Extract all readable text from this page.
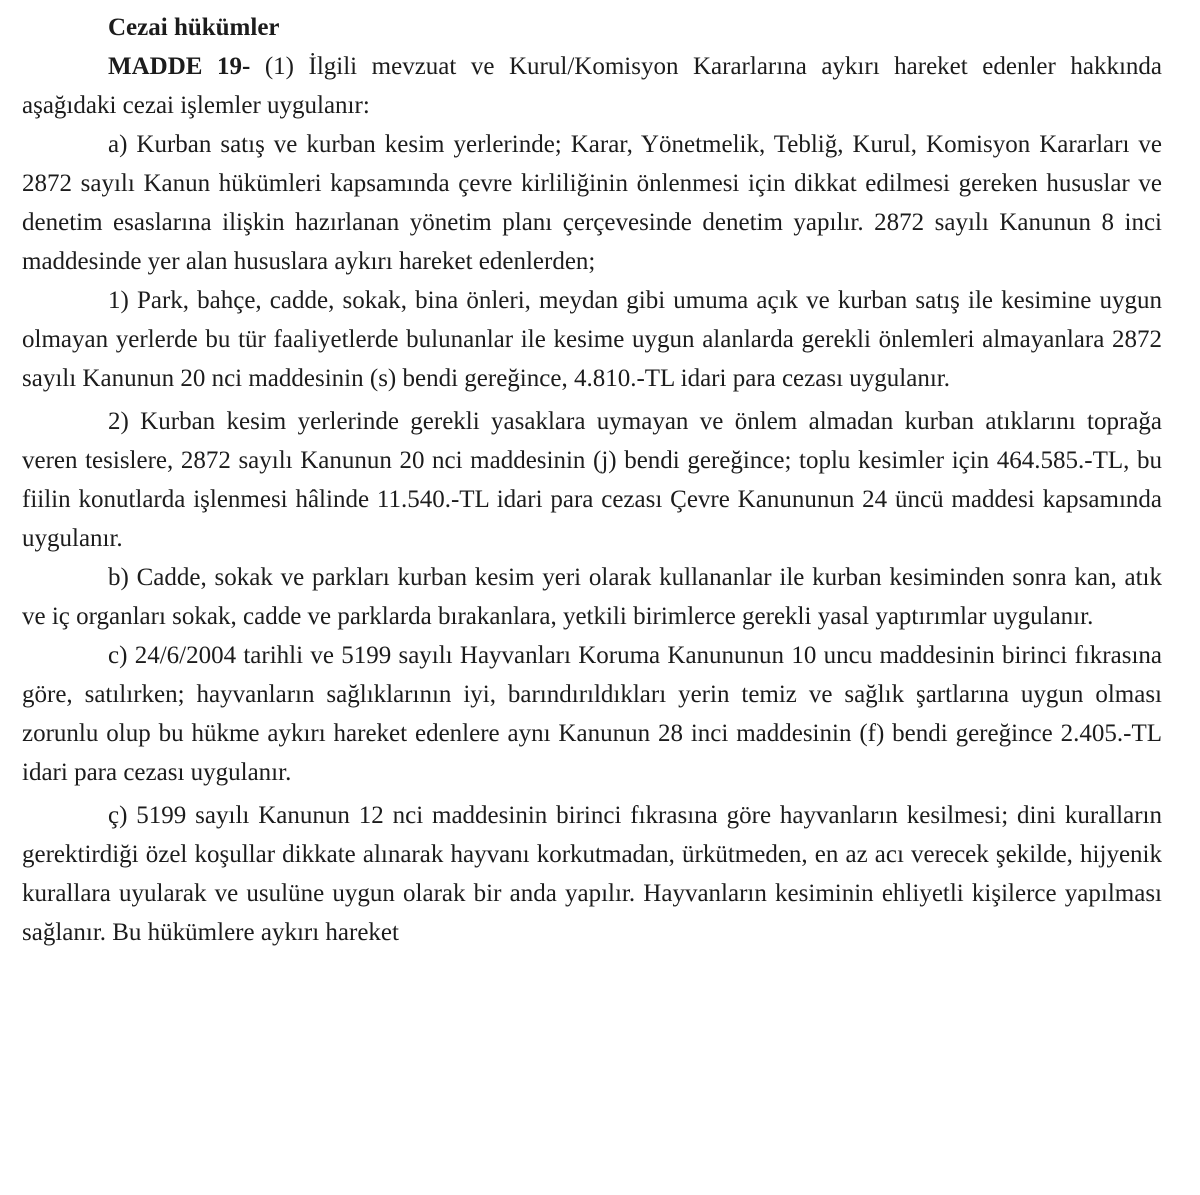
Cezai hükümler

MADDE 19- (1) İlgili mevzuat ve Kurul/Komisyon Kararlarına aykırı hareket edenler hakkında aşağıdaki cezai işlemler uygulanır:

a) Kurban satış ve kurban kesim yerlerinde; Karar, Yönetmelik, Tebliğ, Kurul, Komisyon Kararları ve 2872 sayılı Kanun hükümleri kapsamında çevre kirliliğinin önlenmesi için dikkat edilmesi gereken hususlar ve denetim esaslarına ilişkin hazırlanan yönetim planı çerçevesinde denetim yapılır. 2872 sayılı Kanunun 8 inci maddesinde yer alan hususlara aykırı hareket edenlerden;

1) Park, bahçe, cadde, sokak, bina önleri, meydan gibi umuma açık ve kurban satış ile kesimine uygun olmayan yerlerde bu tür faaliyetlerde bulunanlar ile kesime uygun alanlarda gerekli önlemleri almayanlara 2872 sayılı Kanunun 20 nci maddesinin (s) bendi gereğince, 4.810.-TL idari para cezası uygulanır.

2) Kurban kesim yerlerinde gerekli yasaklara uymayan ve önlem almadan kurban atıklarını toprağa veren tesislere, 2872 sayılı Kanunun 20 nci maddesinin (j) bendi gereğince; toplu kesimler için 464.585.-TL, bu fiilin konutlarda işlenmesi hâlinde 11.540.-TL idari para cezası Çevre Kanununun 24 üncü maddesi kapsamında uygulanır.

b) Cadde, sokak ve parkları kurban kesim yeri olarak kullananlar ile kurban kesiminden sonra kan, atık ve iç organları sokak, cadde ve parklarda bırakanlara, yetkili birimlerce gerekli yasal yaptırımlar uygulanır.

c) 24/6/2004 tarihli ve 5199 sayılı Hayvanları Koruma Kanununun 10 uncu maddesinin birinci fıkrasına göre, satılırken; hayvanların sağlıklarının iyi, barındırıldıkları yerin temiz ve sağlık şartlarına uygun olması zorunlu olup bu hükme aykırı hareket edenlere aynı Kanunun 28 inci maddesinin (f) bendi gereğince 2.405.-TL idari para cezası uygulanır.

ç) 5199 sayılı Kanunun 12 nci maddesinin birinci fıkrasına göre hayvanların kesilmesi; dini kuralların gerektirdiği özel koşullar dikkate alınarak hayvanı korkutmadan, ürkütmeden, en az acı verecek şekilde, hijyenik kurallara uyularak ve usulüne uygun olarak bir anda yapılır. Hayvanların kesiminin ehliyetli kişilerce yapılması sağlanır. Bu hükümlere aykırı hareket
